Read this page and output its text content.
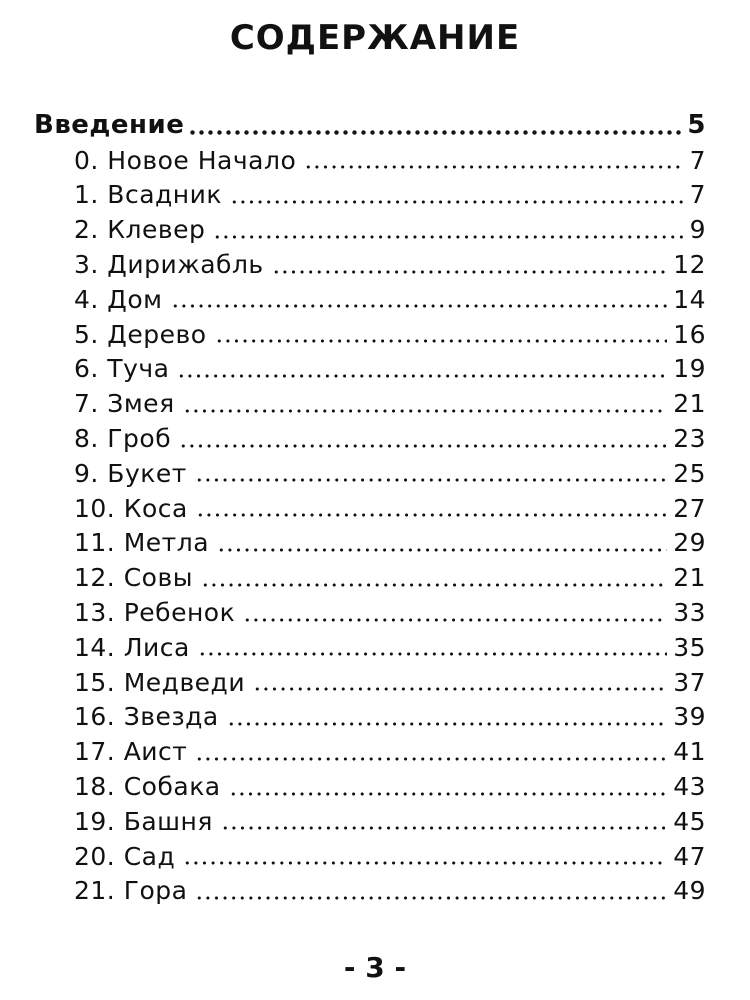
СОДЕРЖАНИЕ
Введение	5
0. Новое Начало	7
1. Всадник	7
2. Клевер	9
3. Дирижабль	12
4. Дом	14
5. Дерево	16
6. Туча	19
7. Змея	21
8. Гроб	23
9. Букет	25
10. Коса	27
11. Метла	29
12. Совы	21
13. Ребенок	33
14. Лиса	35
15. Медведи	37
16. Звезда	39
17. Аист	41
18. Собака	43
19. Башня	45
20. Сад	47
21. Гора	49
- 3 -
